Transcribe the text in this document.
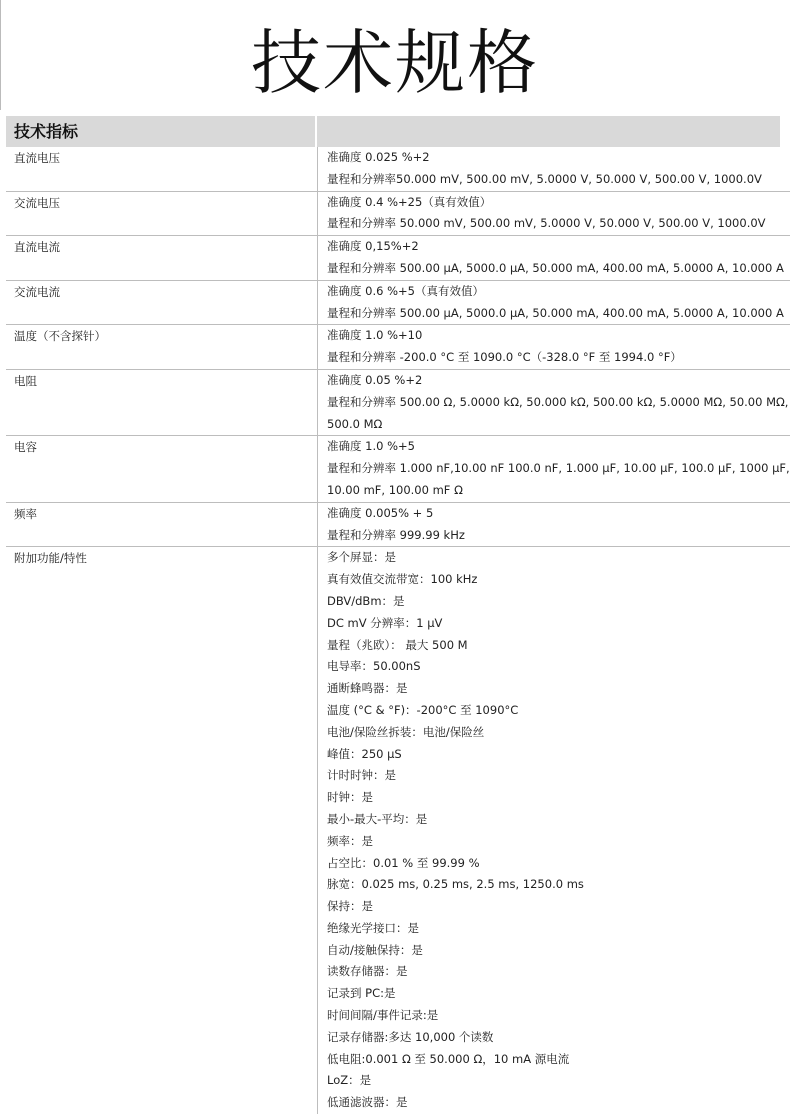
技术规格
技术指标
直流电压	准确度 0.025 %+2
量程和分辨率50.000 mV, 500.00 mV, 5.0000 V, 50.000 V, 500.00 V, 1000.0V
交流电压	准确度 0.4 %+25（真有效值）
量程和分辨率 50.000 mV, 500.00 mV, 5.0000 V, 50.000 V, 500.00 V, 1000.0V
直流电流	准确度 0,15%+2
量程和分辨率 500.00 µA, 5000.0 µA, 50.000 mA, 400.00 mA, 5.0000 A, 10.000 A
交流电流	准确度 0.6 %+5（真有效值）
量程和分辨率 500.00 µA, 5000.0 µA, 50.000 mA, 400.00 mA, 5.0000 A, 10.000 A
温度（不含探针）	准确度 1.0 %+10
量程和分辨率 -200.0 °C 至 1090.0 °C（-328.0 °F 至 1994.0 °F）
电阻	准确度 0.05 %+2
量程和分辨率 500.00 Ω, 5.0000 kΩ, 50.000 kΩ, 500.00 kΩ, 5.0000 MΩ, 50.00 MΩ, 500.0 MΩ
电容	准确度 1.0 %+5
量程和分辨率 1.000 nF,10.00 nF 100.0 nF, 1.000 µF, 10.00 µF, 100.0 µF, 1000 µF, 10.00 mF, 100.00 mF Ω
频率	准确度 0.005% + 5
量程和分辨率 999.99 kHz
附加功能/特性	多个屏显：是
真有效值交流带宽：100 kHz
DBV/dBm：是
DC mV 分辨率：1 µV
量程（兆欧）： 最大 500 M
电导率：50.00nS
通断蜂鸣器：是
温度 (°C & °F)：-200°C 至 1090°C
电池/保险丝拆装：电池/保险丝
峰值：250 µS
计时时钟：是
时钟：是
最小-最大-平均：是
频率：是
占空比：0.01 % 至 99.99 %
脉宽：0.025 ms, 0.25 ms, 2.5 ms, 1250.0 ms
保持：是
绝缘光学接口：是
自动/接触保持：是
读数存储器：是
记录到 PC:是
时间间隔/事件记录:是
记录存储器:多达 10,000 个读数
低电阻:0.001 Ω 至 50.000 Ω，10 mA 源电流
LoZ：是
低通滤波器：是
